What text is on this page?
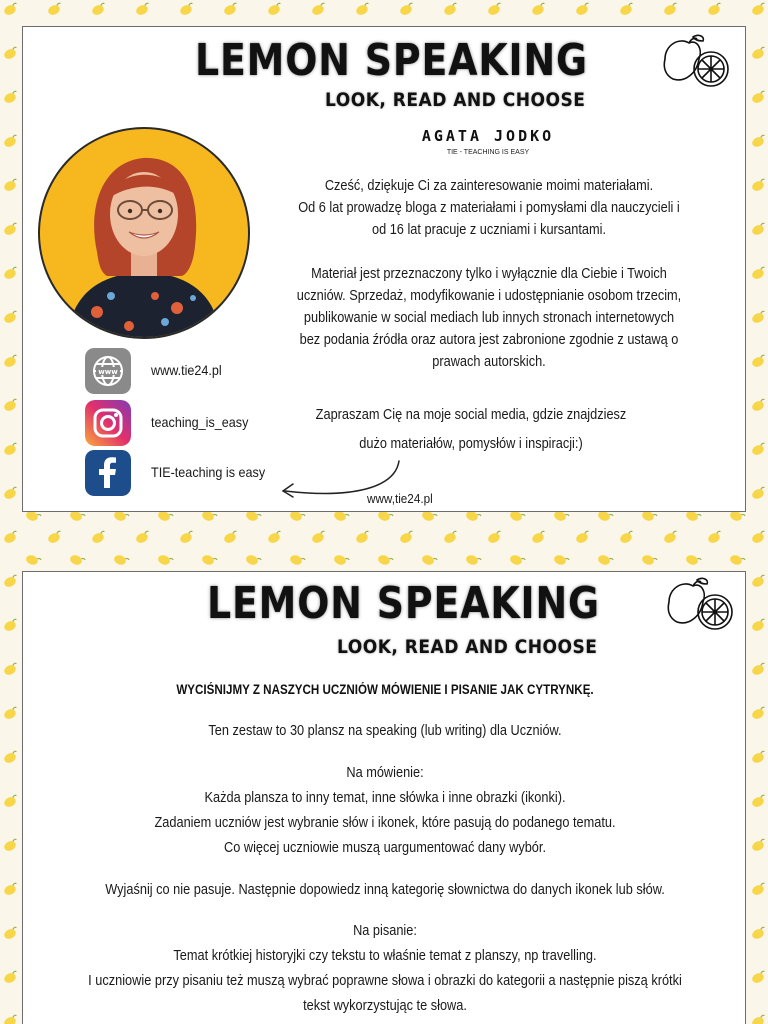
LEMON SPEAKING
LOOK, READ AND CHOOSE
AGATA JODKO
TIE - TEACHING IS EASY

Cześć, dzięk​uje Ci za zainteresowanie moimi materiałami.

Od 6 lat prowadzę bloga z materiałami i pomysłami dla nauczycieli i

od 16 lat pracuje z uczniami i kursantami.

Materiał jest przeznaczony tylko i wyłącznie dla Ciebie i Twoich

uczniów. Sprzedaż, modyfikowanie i udostępnianie osobom trzecim,

publikowanie w social mediach lub innych stronach internetowych

bez podania źródła oraz autora jest zabronione zgodnie z ustawą o

prawach autorskich.

Zapraszam Cię na moje social media, gdzie znajdziesz

dużo materiałów, pomysłów i inspiracji:)

www www.tie24.pl
teaching_is_easy
TIE-teaching is easy
www,tie24.pl
LEMON SPEAKING
LOOK, READ AND CHOOSE
WYCIŚNIJMY Z NASZYCH UCZNIÓW MÓWIENIE I PISANIE JAK CYTRYNKĘ.

Ten zestaw to 30 plansz na speaking (lub writing) dla Uczniów.

Na mówienie:

Każda plansza to inny temat, inne słówka i inne obrazki (ikonki).

Zadaniem uczniów jest wybranie słów i ikonek, które pasują do podanego tematu.

Co więcej uczniowie muszą uargumentować dany wybór.

Wyjaśnij co nie pasuje. Następnie dopowiedz inną kategorię słownictwa do danych ikonek lub słów.

Na pisanie:

Temat krótkiej historyjki czy tekstu to właśnie temat z planszy, np travelling.

I uczniowie przy pisaniu też muszą wybrać poprawne słowa i obrazki do kategorii a następnie piszą krótki

tekst wykorzystując te słowa.
